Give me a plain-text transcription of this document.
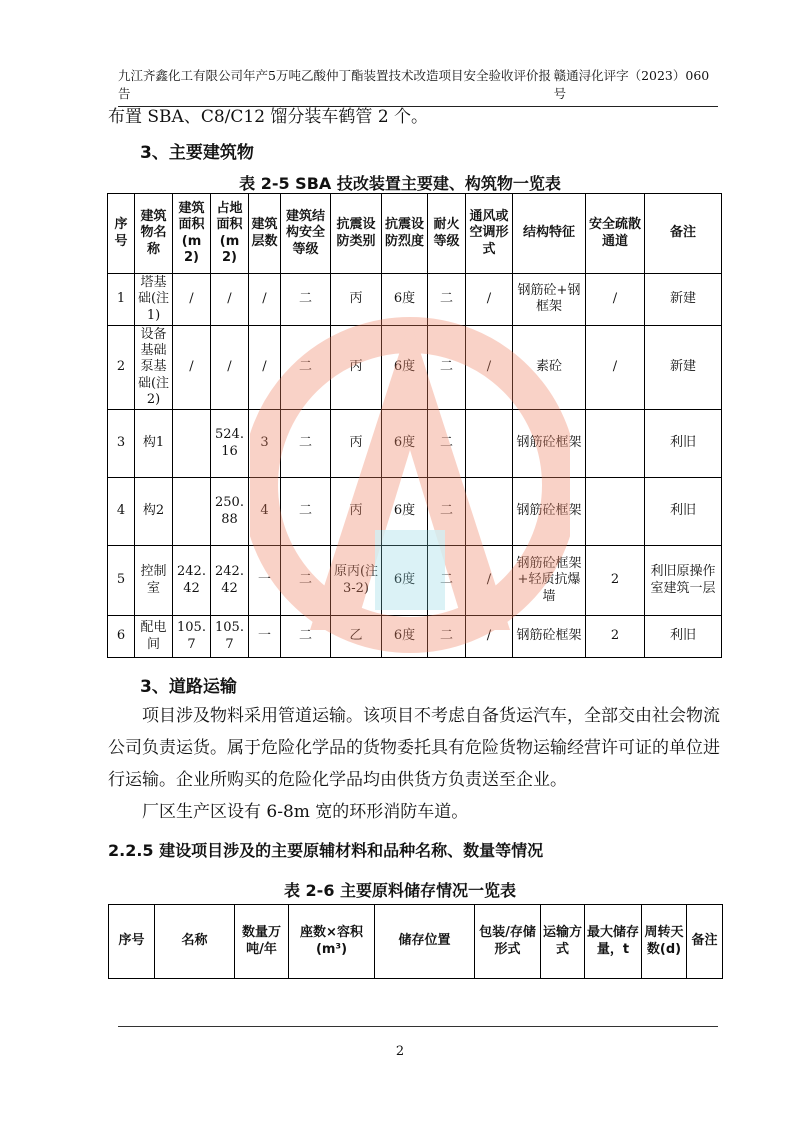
九江齐鑫化工有限公司年产5万吨乙酸仲丁酯装置技术改造项目安全验收评价报告
赣通浔化评字（2023）060号
布置 SBA、C8/C12 馏分装车鹤管 2 个。
3、主要建筑物
表 2-5 SBA 技改装置主要建、构筑物一览表
序号	建筑物名称	建筑面积(m2)	占地面积(m2)	建筑层数	建筑结构安全等级	抗震设防类别	抗震设防烈度	耐火等级	通风或空调形式	结构特征	安全疏散通道	备注
1	塔基础(注1)	/	/	/	二	丙	6度	二	/	钢筋砼+钢框架	/	新建
2	设备基础泵基础(注2)	/	/	/	二	丙	6度	二	/	素砼	/	新建
3	构1		524.16	3	二	丙	6度	二		钢筋砼框架		利旧
4	构2		250.88	4	二	丙	6度	二		钢筋砼框架		利旧
5	控制室	242.42	242.42	一	二	原丙(注3-2)	6度	二	/	钢筋砼框架+轻质抗爆墙	2	利旧原操作室建筑一层
6	配电间	105.7	105.7	一	二	乙	6度	二	/	钢筋砼框架	2	利旧
3、道路运输
项目涉及物料采用管道运输。该项目不考虑自备货运汽车，全部交由社会物流公司负责运货。属于危险化学品的货物委托具有危险货物运输经营许可证的单位进行运输。企业所购买的危险化学品均由供货方负责送至企业。
厂区生产区设有 6-8m 宽的环形消防车道。
2.2.5 建设项目涉及的主要原辅材料和品种名称、数量等情况
表 2-6 主要原料储存情况一览表
序号	名称	数量万吨/年	座数×容积(m³)	储存位置	包装/存储形式	运输方式	最大储存量，t	周转天数(d)	备注
2
